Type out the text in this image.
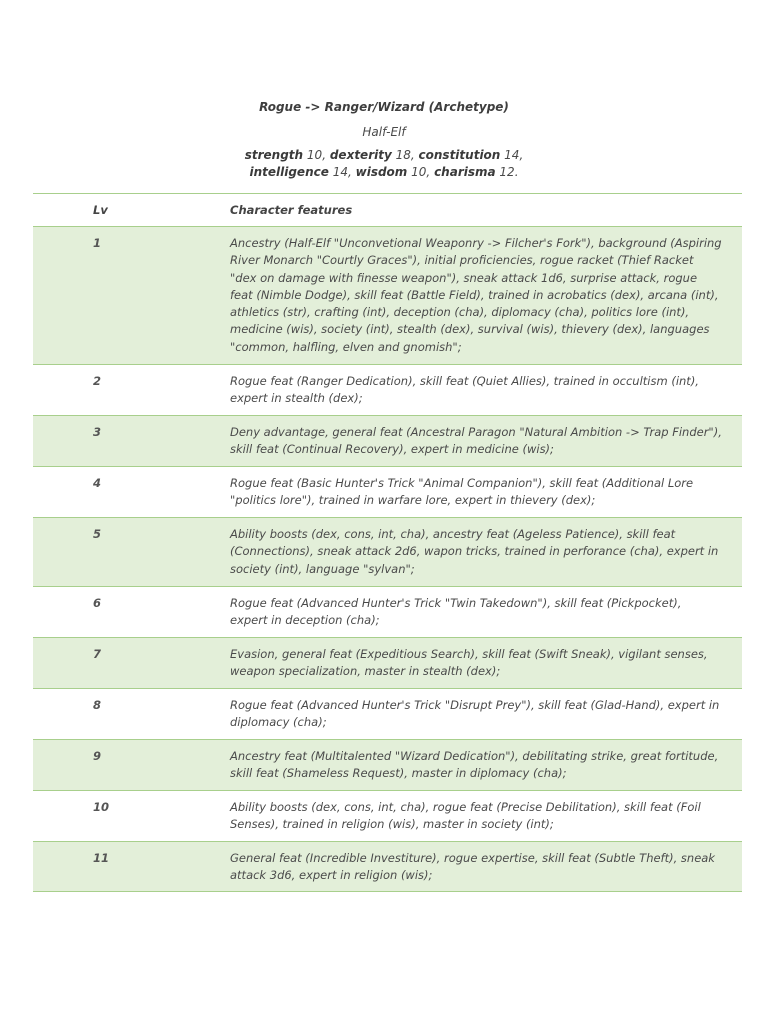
Rogue -> Ranger/Wizard (Archetype)
Half-Elf
strength 10, dexterity 18, constitution 14,
intelligence 14, wisdom 10, charisma 12.
Lv	Character features
1	Ancestry (Half-Elf "Unconvetional Weaponry -> Filcher's Fork"), background (Aspiring River Monarch "Courtly Graces"), initial proficiencies, rogue racket (Thief Racket "dex on damage with finesse weapon"), sneak attack 1d6, surprise attack, rogue feat (Nimble Dodge), skill feat (Battle Field), trained in acrobatics (dex), arcana (int), athletics (str), crafting (int), deception (cha), diplomacy (cha), politics lore (int), medicine (wis), society (int), stealth (dex), survival (wis), thievery (dex), languages "common, halfling, elven and gnomish";
2	Rogue feat (Ranger Dedication), skill feat (Quiet Allies), trained in occultism (int), expert in stealth (dex);
3	Deny advantage, general feat (Ancestral Paragon "Natural Ambition -> Trap Finder"), skill feat (Continual Recovery), expert in medicine (wis);
4	Rogue feat (Basic Hunter's Trick "Animal Companion"), skill feat (Additional Lore "politics lore"), trained in warfare lore, expert in thievery (dex);
5	Ability boosts (dex, cons, int, cha), ancestry feat (Ageless Patience), skill feat (Connections), sneak attack 2d6, wapon tricks, trained in perforance (cha), expert in society (int), language "sylvan";
6	Rogue feat (Advanced Hunter's Trick "Twin Takedown"), skill feat (Pickpocket), expert in deception (cha);
7	Evasion, general feat (Expeditious Search), skill feat (Swift Sneak), vigilant senses, weapon specialization, master in stealth (dex);
8	Rogue feat (Advanced Hunter's Trick "Disrupt Prey"), skill feat (Glad-Hand), expert in diplomacy (cha);
9	Ancestry feat (Multitalented "Wizard Dedication"), debilitating strike, great fortitude, skill feat (Shameless Request), master in diplomacy (cha);
10	Ability boosts (dex, cons, int, cha), rogue feat (Precise Debilitation), skill feat (Foil Senses), trained in religion (wis), master in society (int);
11	General feat (Incredible Investiture), rogue expertise, skill feat (Subtle Theft), sneak attack 3d6, expert in religion (wis);
